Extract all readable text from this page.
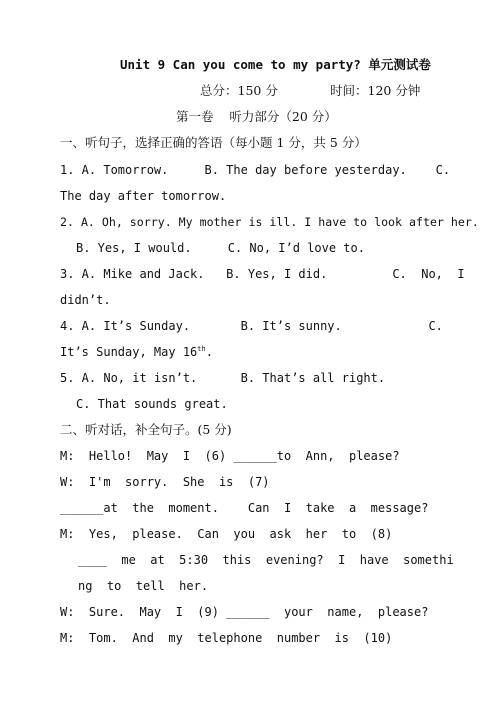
Unit 9 Can you come to my party? 单元测试卷
总分：150 分	时间：120 分钟
第一卷    听力部分（20 分）
一、听句子，选择正确的答语（每小题 1 分，共 5 分）
1. A. Tomorrow.     B. The day before yesterday.    C.
The day after tomorrow.
2. A. Oh, sorry. My mother is ill. I have to look after her.
B. Yes, I would.     C. No, I’d love to.
3. A. Mike and Jack.   B. Yes, I did.         C.  No,  I
didn’t.
4. A. It’s Sunday.       B. It’s sunny.            C.
It’s Sunday, May 16th.
5. A. No, it isn’t.      B. That’s all right.
C. That sounds great.
二、听对话，补全句子。(5 分)
M:  Hello!  May  I  (6) ______to  Ann,  please?
W:  I'm  sorry.  She  is  (7)
______at  the  moment.    Can  I  take  a  message?
M:  Yes,  please.  Can  you  ask  her  to  (8)
____  me  at  5:30  this  evening?  I  have  somethi
ng  to  tell  her.
W:  Sure.  May  I  (9) ______  your  name,  please?
M:  Tom.  And  my  telephone  number  is  (10)
